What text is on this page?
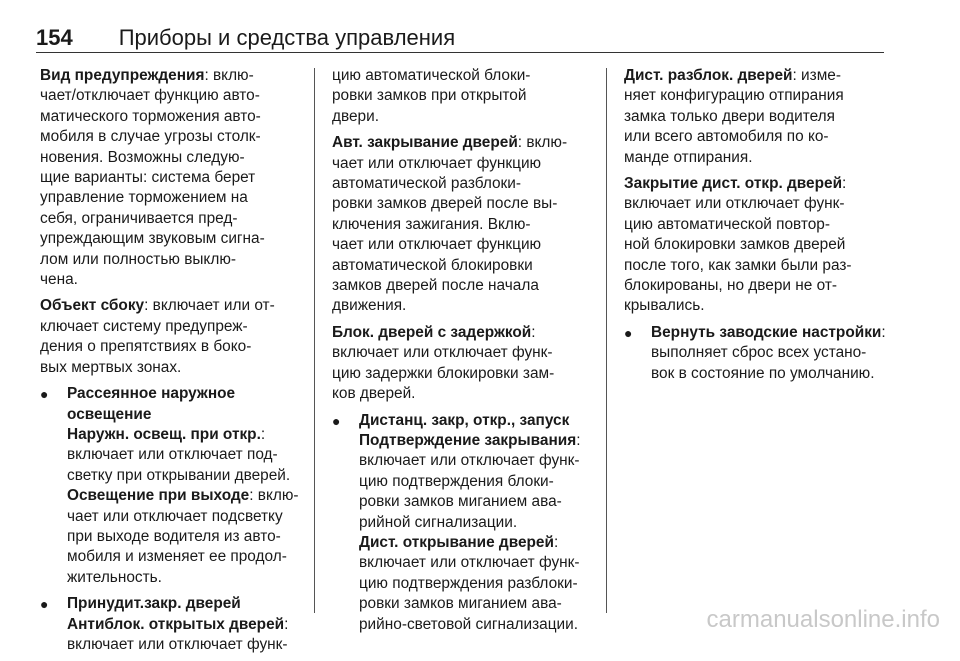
154 Приборы и средства управления

Вид предупреждения: вклю-
чает/отключает функцию авто-
матического торможения авто-
мобиля в случае угрозы столк-
новения. Возможны следую-
щие варианты: система берет
управление торможением на
себя, ограничивается пред-
упреждающим звуковым сигна-
лом или полностью выклю-
чена.

Объект сбоку: включает или от-
ключает систему предупреж-
дения о препятствиях в боко-
вых мертвых зонах.

● Рассеянное наружное
освещение

Наружн. освещ. при откр.:
включает или отключает под-
светку при открывании дверей.

Освещение при выходе: вклю-
чает или отключает подсветку
при выходе водителя из авто-
мобиля и изменяет ее продол-
жительность.

● Принудит.закр. дверей

Антиблок. открытых дверей:
включает или отключает функ-

цию автоматической блоки-
ровки замков при открытой
двери.

Авт. закрывание дверей: вклю-
чает или отключает функцию
автоматической разблоки-
ровки замков дверей после вы-
ключения зажигания. Вклю-
чает или отключает функцию
автоматической блокировки
замков дверей после начала
движения.

Блок. дверей с задержкой:
включает или отключает функ-
цию задержки блокировки зам-
ков дверей.

● Дистанц. закр, откр., запуск

Подтверждение закрывания:
включает или отключает функ-
цию подтверждения блоки-
ровки замков миганием ава-
рийной сигнализации.

Дист. открывание дверей:
включает или отключает функ-
цию подтверждения разблоки-
ровки замков миганием ава-
рийно-световой сигнализации.

Дист. разблок. дверей: изме-
няет конфигурацию отпирания
замка только двери водителя
или всего автомобиля по ко-
манде отпирания.

Закрытие дист. откр. дверей:
включает или отключает функ-
цию автоматической повтор-
ной блокировки замков дверей
после того, как замки были раз-
блокированы, но двери не от-
крывались.

● Вернуть заводские настройки:
выполняет сброс всех устано-
вок в состояние по умолчанию.

carmanualsonline.info
